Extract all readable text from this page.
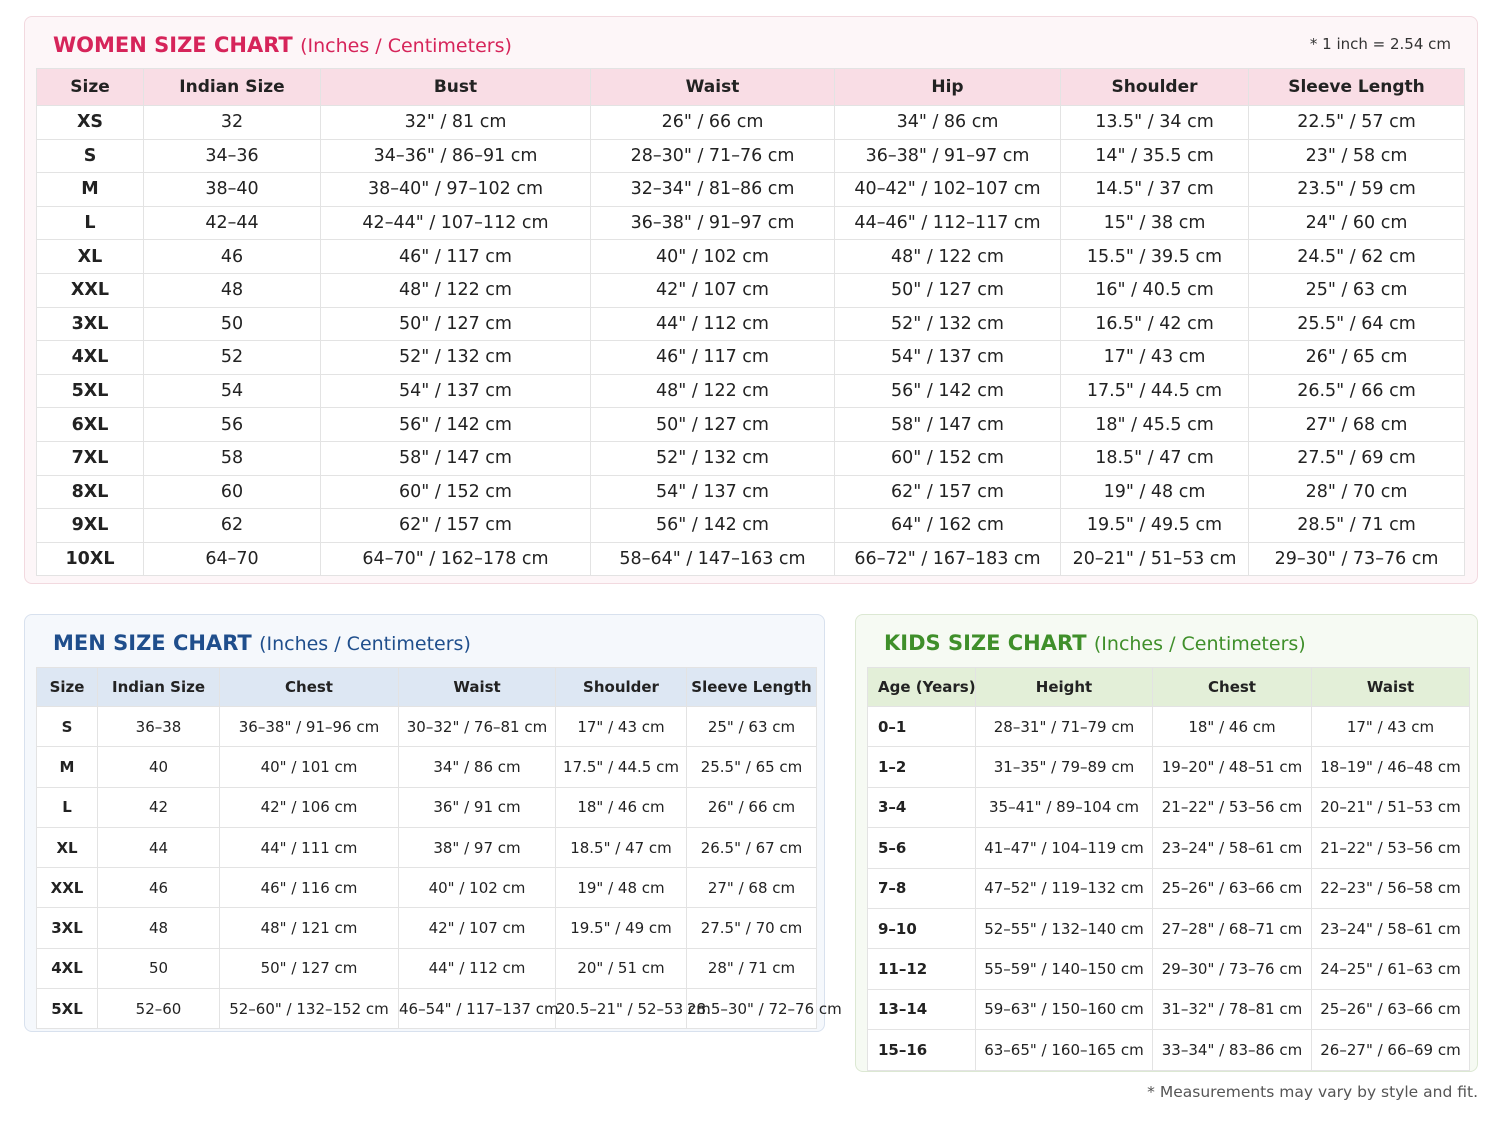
WOMEN SIZE CHART (Inches / Centimeters)	* 1 inch = 2.54 cm
Size	Indian Size	Bust	Waist	Hip	Shoulder	Sleeve Length
XS	32	32" / 81 cm	26" / 66 cm	34" / 86 cm	13.5" / 34 cm	22.5" / 57 cm
S	34–36	34–36" / 86–91 cm	28–30" / 71–76 cm	36–38" / 91–97 cm	14" / 35.5 cm	23" / 58 cm
M	38–40	38–40" / 97–102 cm	32–34" / 81–86 cm	40–42" / 102–107 cm	14.5" / 37 cm	23.5" / 59 cm
L	42–44	42–44" / 107–112 cm	36–38" / 91–97 cm	44–46" / 112–117 cm	15" / 38 cm	24" / 60 cm
XL	46	46" / 117 cm	40" / 102 cm	48" / 122 cm	15.5" / 39.5 cm	24.5" / 62 cm
XXL	48	48" / 122 cm	42" / 107 cm	50" / 127 cm	16" / 40.5 cm	25" / 63 cm
3XL	50	50" / 127 cm	44" / 112 cm	52" / 132 cm	16.5" / 42 cm	25.5" / 64 cm
4XL	52	52" / 132 cm	46" / 117 cm	54" / 137 cm	17" / 43 cm	26" / 65 cm
5XL	54	54" / 137 cm	48" / 122 cm	56" / 142 cm	17.5" / 44.5 cm	26.5" / 66 cm
6XL	56	56" / 142 cm	50" / 127 cm	58" / 147 cm	18" / 45.5 cm	27" / 68 cm
7XL	58	58" / 147 cm	52" / 132 cm	60" / 152 cm	18.5" / 47 cm	27.5" / 69 cm
8XL	60	60" / 152 cm	54" / 137 cm	62" / 157 cm	19" / 48 cm	28" / 70 cm
9XL	62	62" / 157 cm	56" / 142 cm	64" / 162 cm	19.5" / 49.5 cm	28.5" / 71 cm
10XL	64–70	64–70" / 162–178 cm	58–64" / 147–163 cm	66–72" / 167–183 cm	20–21" / 51–53 cm	29–30" / 73–76 cm
MEN SIZE CHART (Inches / Centimeters)
Size	Indian Size	Chest	Waist	Shoulder	Sleeve Length
S	36–38	36–38" / 91–96 cm	30–32" / 76–81 cm	17" / 43 cm	25" / 63 cm
M	40	40" / 101 cm	34" / 86 cm	17.5" / 44.5 cm	25.5" / 65 cm
L	42	42" / 106 cm	36" / 91 cm	18" / 46 cm	26" / 66 cm
XL	44	44" / 111 cm	38" / 97 cm	18.5" / 47 cm	26.5" / 67 cm
XXL	46	46" / 116 cm	40" / 102 cm	19" / 48 cm	27" / 68 cm
3XL	48	48" / 121 cm	42" / 107 cm	19.5" / 49 cm	27.5" / 70 cm
4XL	50	50" / 127 cm	44" / 112 cm	20" / 51 cm	28" / 71 cm
5XL	52–60	52–60" / 132–152 cm	46–54" / 117–137 cm	20.5–21" / 52–53 cm	28.5–30" / 72–76 cm
KIDS SIZE CHART (Inches / Centimeters)
Age (Years)	Height	Chest	Waist
0–1	28–31" / 71–79 cm	18" / 46 cm	17" / 43 cm
1–2	31–35" / 79–89 cm	19–20" / 48–51 cm	18–19" / 46–48 cm
3–4	35–41" / 89–104 cm	21–22" / 53–56 cm	20–21" / 51–53 cm
5–6	41–47" / 104–119 cm	23–24" / 58–61 cm	21–22" / 53–56 cm
7–8	47–52" / 119–132 cm	25–26" / 63–66 cm	22–23" / 56–58 cm
9–10	52–55" / 132–140 cm	27–28" / 68–71 cm	23–24" / 58–61 cm
11–12	55–59" / 140–150 cm	29–30" / 73–76 cm	24–25" / 61–63 cm
13–14	59–63" / 150–160 cm	31–32" / 78–81 cm	25–26" / 63–66 cm
15–16	63–65" / 160–165 cm	33–34" / 83–86 cm	26–27" / 66–69 cm
* Measurements may vary by style and fit.
